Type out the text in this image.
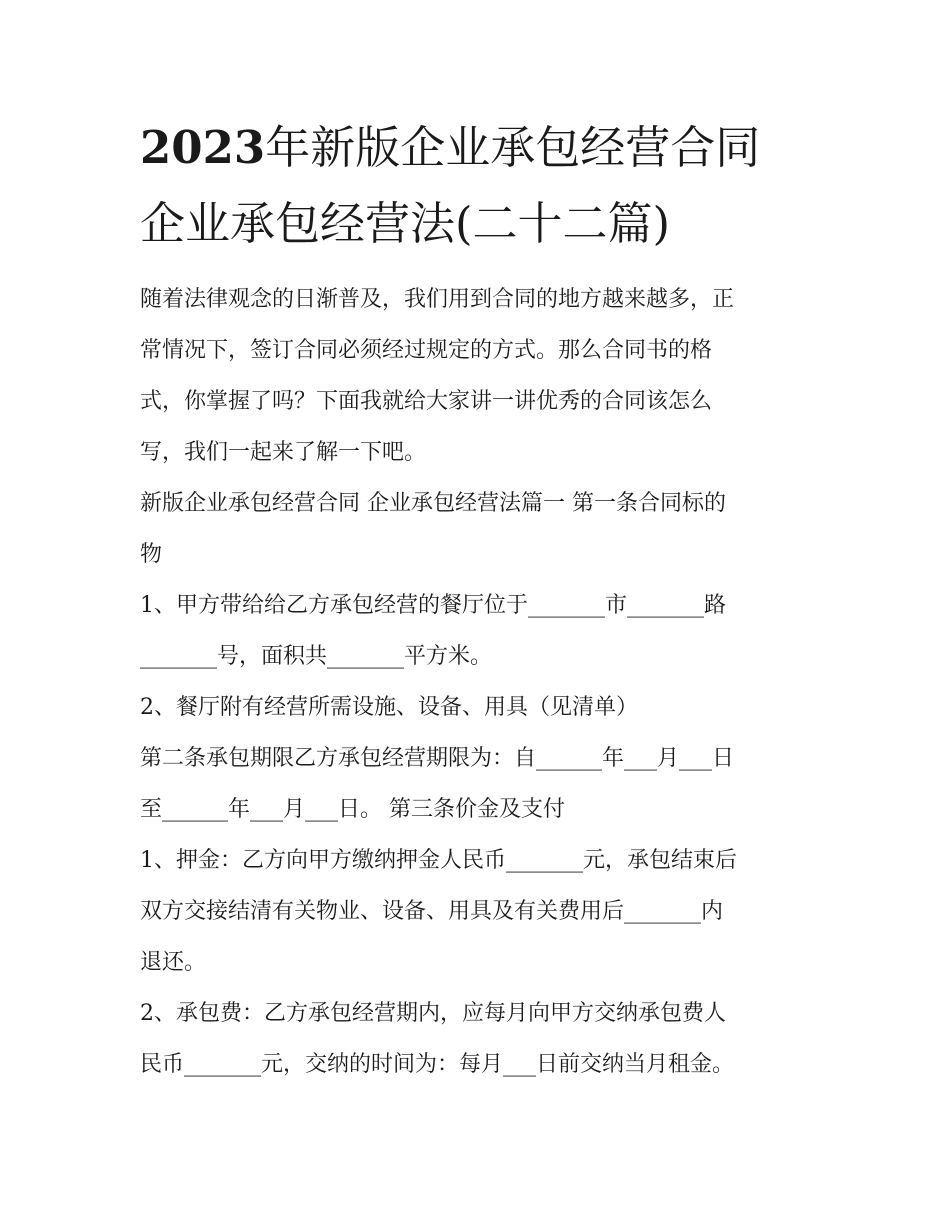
2023年新版企业承包经营合同
企业承包经营法(二十二篇)

随着法律观念的日渐普及，我们用到合同的地方越来越多，正

常情况下，签订合同必须经过规定的方式。那么合同书的格

式，你掌握了吗？下面我就给大家讲一讲优秀的合同该怎么

写，我们一起来了解一下吧。

新版企业承包经营合同 企业承包经营法篇一 第一条合同标的

物

1、甲方带给给乙方承包经营的餐厅位于_______市_______路

_______号，面积共_______平方米。

2、餐厅附有经营所需设施、设备、用具（见清单）

第二条承包期限乙方承包经营期限为：自______年___月___日

至______年___月___日。 第三条价金及支付

1、押金：乙方向甲方缴纳押金人民币_______元，承包结束后

双方交接结清有关物业、设备、用具及有关费用后_______内

退还。

2、承包费：乙方承包经营期内，应每月向甲方交纳承包费人

民币_______元，交纳的时间为：每月___日前交纳当月租金。
